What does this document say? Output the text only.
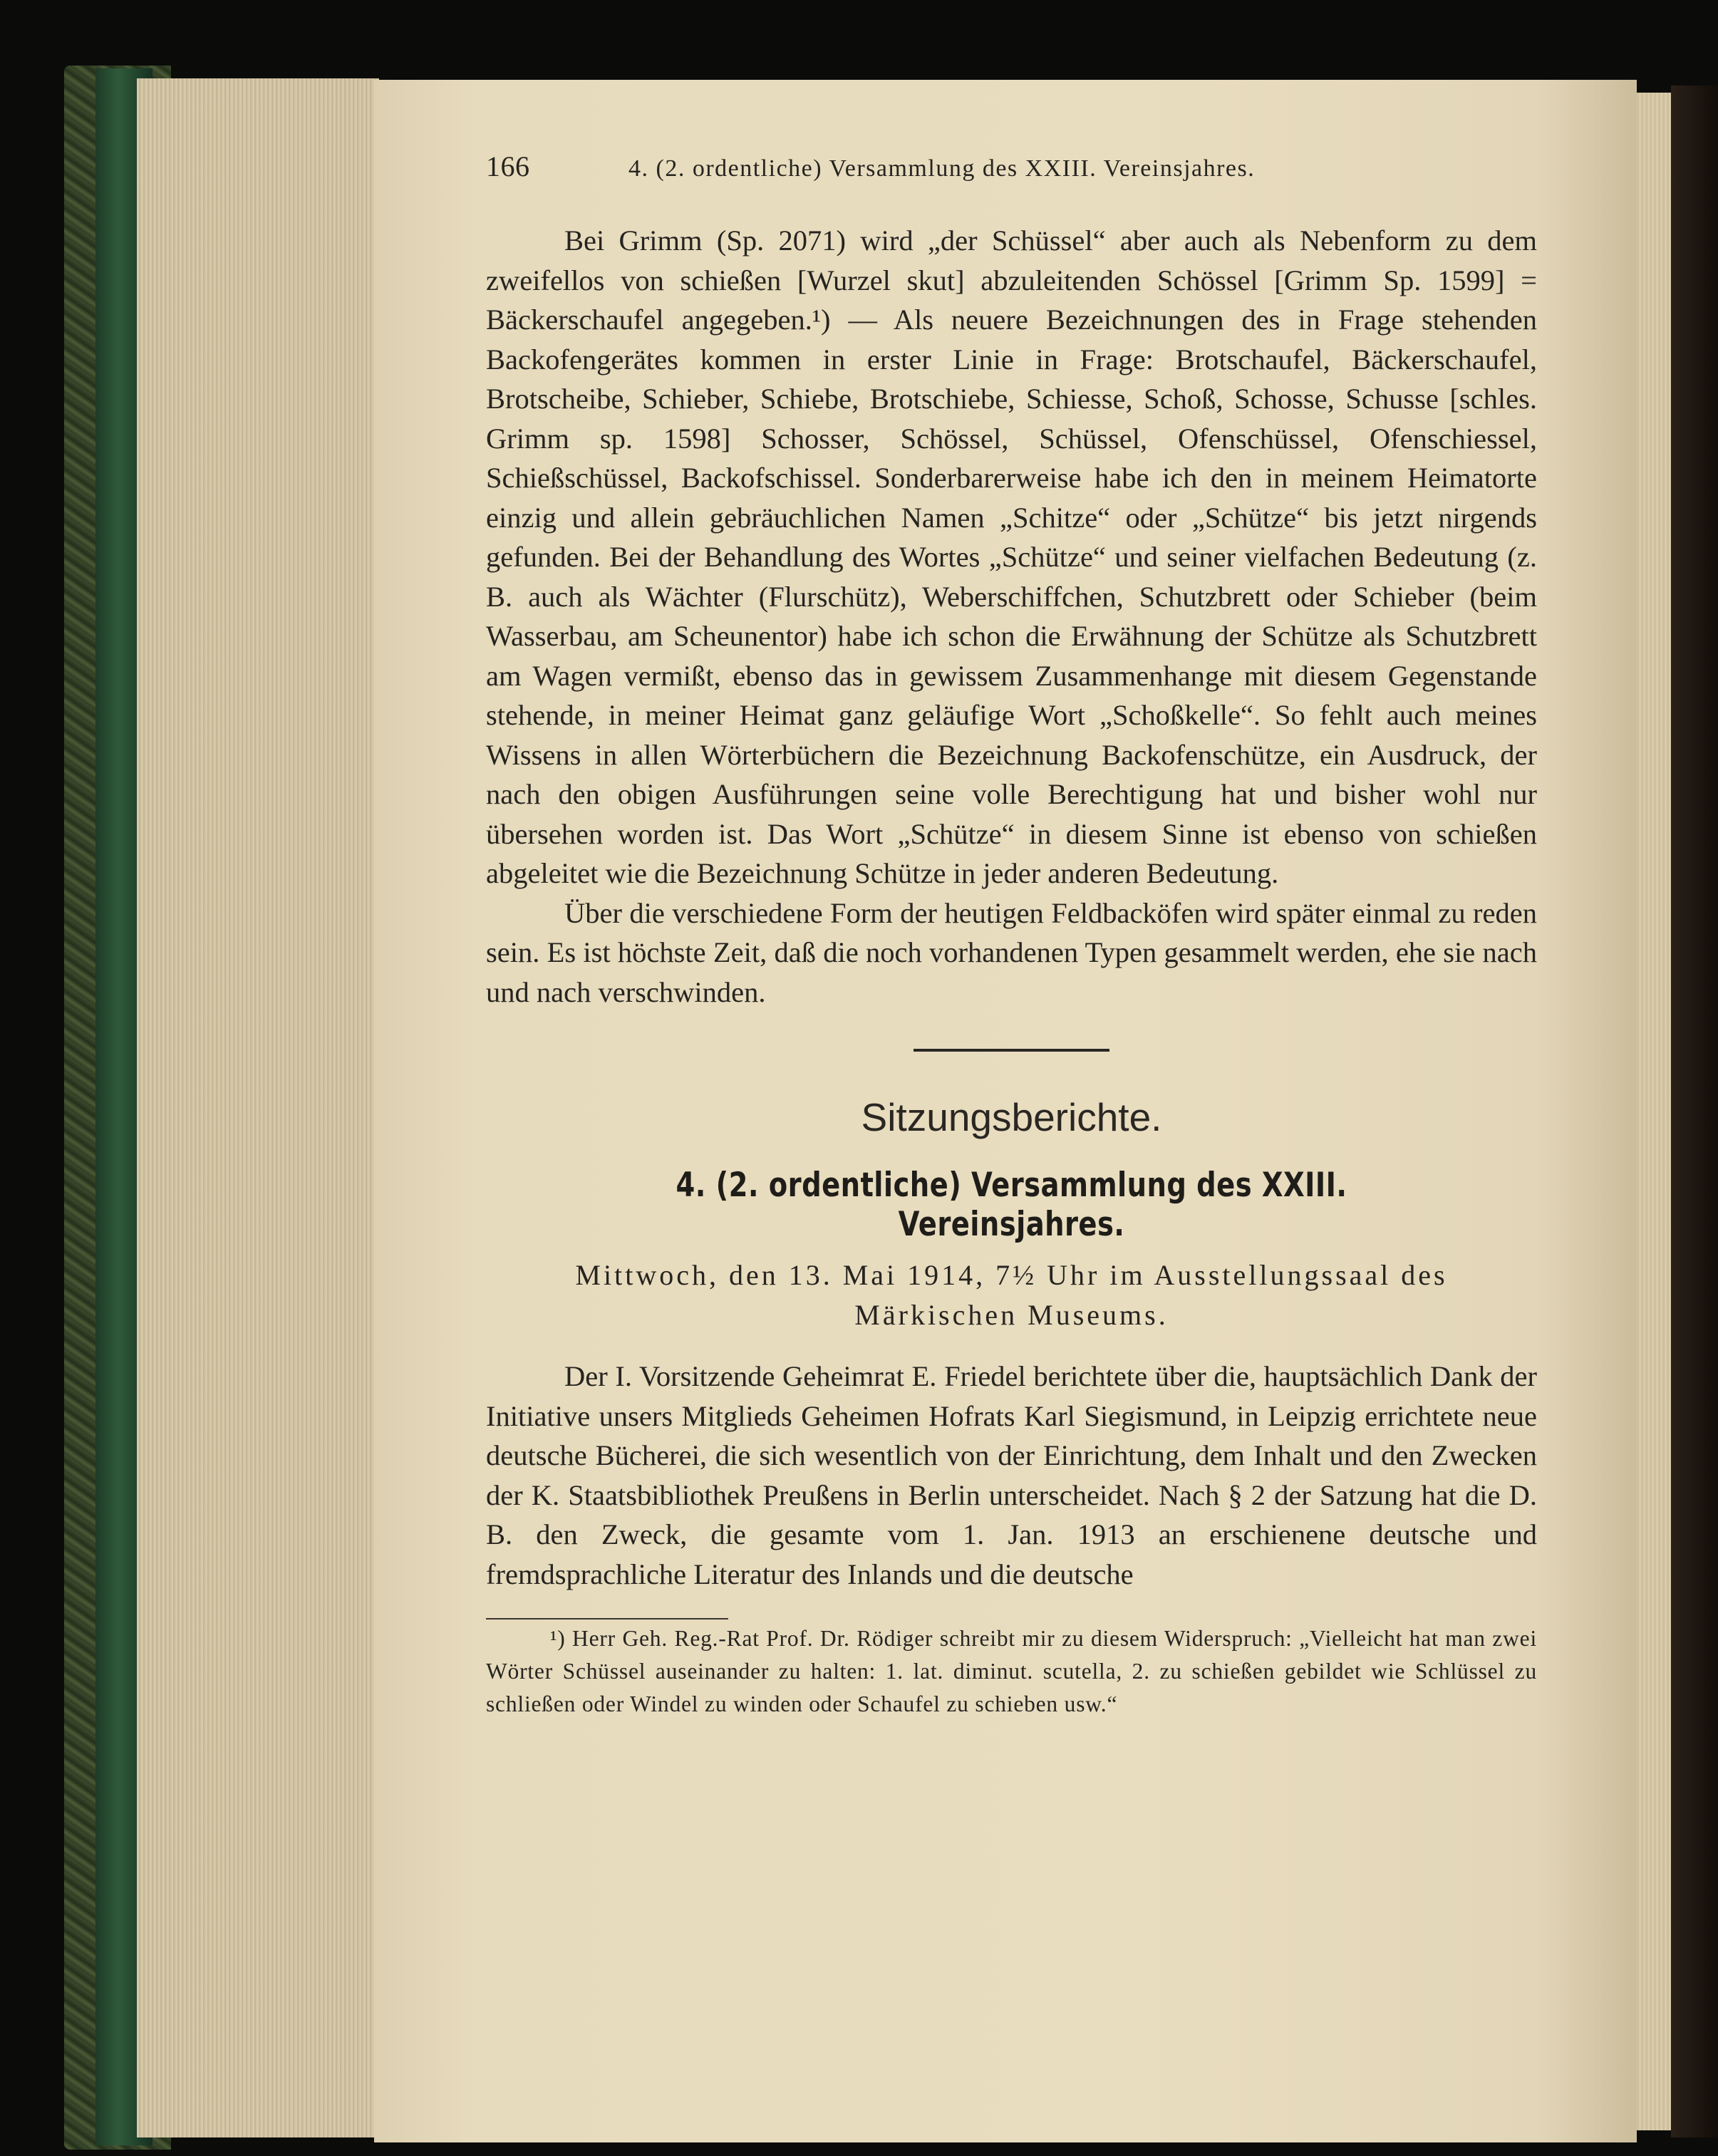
166	4. (2. ordentliche) Versammlung des XXIII. Vereinsjahres.

Bei Grimm (Sp. 2071) wird „der Schüssel“ aber auch als Nebenform zu dem zweifellos von schießen [Wurzel skut] abzuleitenden Schössel [Grimm Sp. 1599] = Bäckerschaufel angegeben.¹) — Als neuere Bezeichnungen des in Frage stehenden Backofengerätes kommen in erster Linie in Frage: Brotschaufel, Bäckerschaufel, Brotscheibe, Schieber, Schiebe, Brotschiebe, Schiesse, Schoß, Schosse, Schusse [schles. Grimm sp. 1598] Schosser, Schössel, Schüssel, Ofenschüssel, Ofenschiessel, Schießschüssel, Backofschissel. Sonderbarerweise habe ich den in meinem Heimatorte einzig und allein gebräuchlichen Namen „Schitze“ oder „Schütze“ bis jetzt nirgends gefunden. Bei der Behandlung des Wortes „Schütze“ und seiner vielfachen Bedeutung (z. B. auch als Wächter (Flurschütz), Weberschiffchen, Schutzbrett oder Schieber (beim Wasserbau, am Scheunentor) habe ich schon die Erwähnung der Schütze als Schutzbrett am Wagen vermißt, ebenso das in gewissem Zusammenhange mit diesem Gegenstande stehende, in meiner Heimat ganz geläufige Wort „Schoßkelle“. So fehlt auch meines Wissens in allen Wörterbüchern die Bezeichnung Backofenschütze, ein Ausdruck, der nach den obigen Ausführungen seine volle Berechtigung hat und bisher wohl nur übersehen worden ist. Das Wort „Schütze“ in diesem Sinne ist ebenso von schießen abgeleitet wie die Bezeichnung Schütze in jeder anderen Bedeutung.

Über die verschiedene Form der heutigen Feldbacköfen wird später einmal zu reden sein. Es ist höchste Zeit, daß die noch vorhandenen Typen gesammelt werden, ehe sie nach und nach verschwinden.

Sitzungsberichte.
4. (2. ordentliche) Versammlung des XXIII. Vereinsjahres.
Mittwoch, den 13. Mai 1914, 7½ Uhr im Ausstellungssaal des
Märkischen Museums.

Der I. Vorsitzende Geheimrat E. Friedel berichtete über die, hauptsächlich Dank der Initiative unsers Mitglieds Geheimen Hofrats Karl Siegismund, in Leipzig errichtete neue deutsche Bücherei, die sich wesentlich von der Einrichtung, dem Inhalt und den Zwecken der K. Staatsbibliothek Preußens in Berlin unterscheidet. Nach § 2 der Satzung hat die D. B. den Zweck, die gesamte vom 1. Jan. 1913 an erschienene deutsche und fremdsprachliche Literatur des Inlands und die deutsche

¹) Herr Geh. Reg.-Rat Prof. Dr. Rödiger schreibt mir zu diesem Widerspruch: „Vielleicht hat man zwei Wörter Schüssel auseinander zu halten: 1. lat. diminut. scutella, 2. zu schießen gebildet wie Schlüssel zu schließen oder Windel zu winden oder Schaufel zu schieben usw.“
